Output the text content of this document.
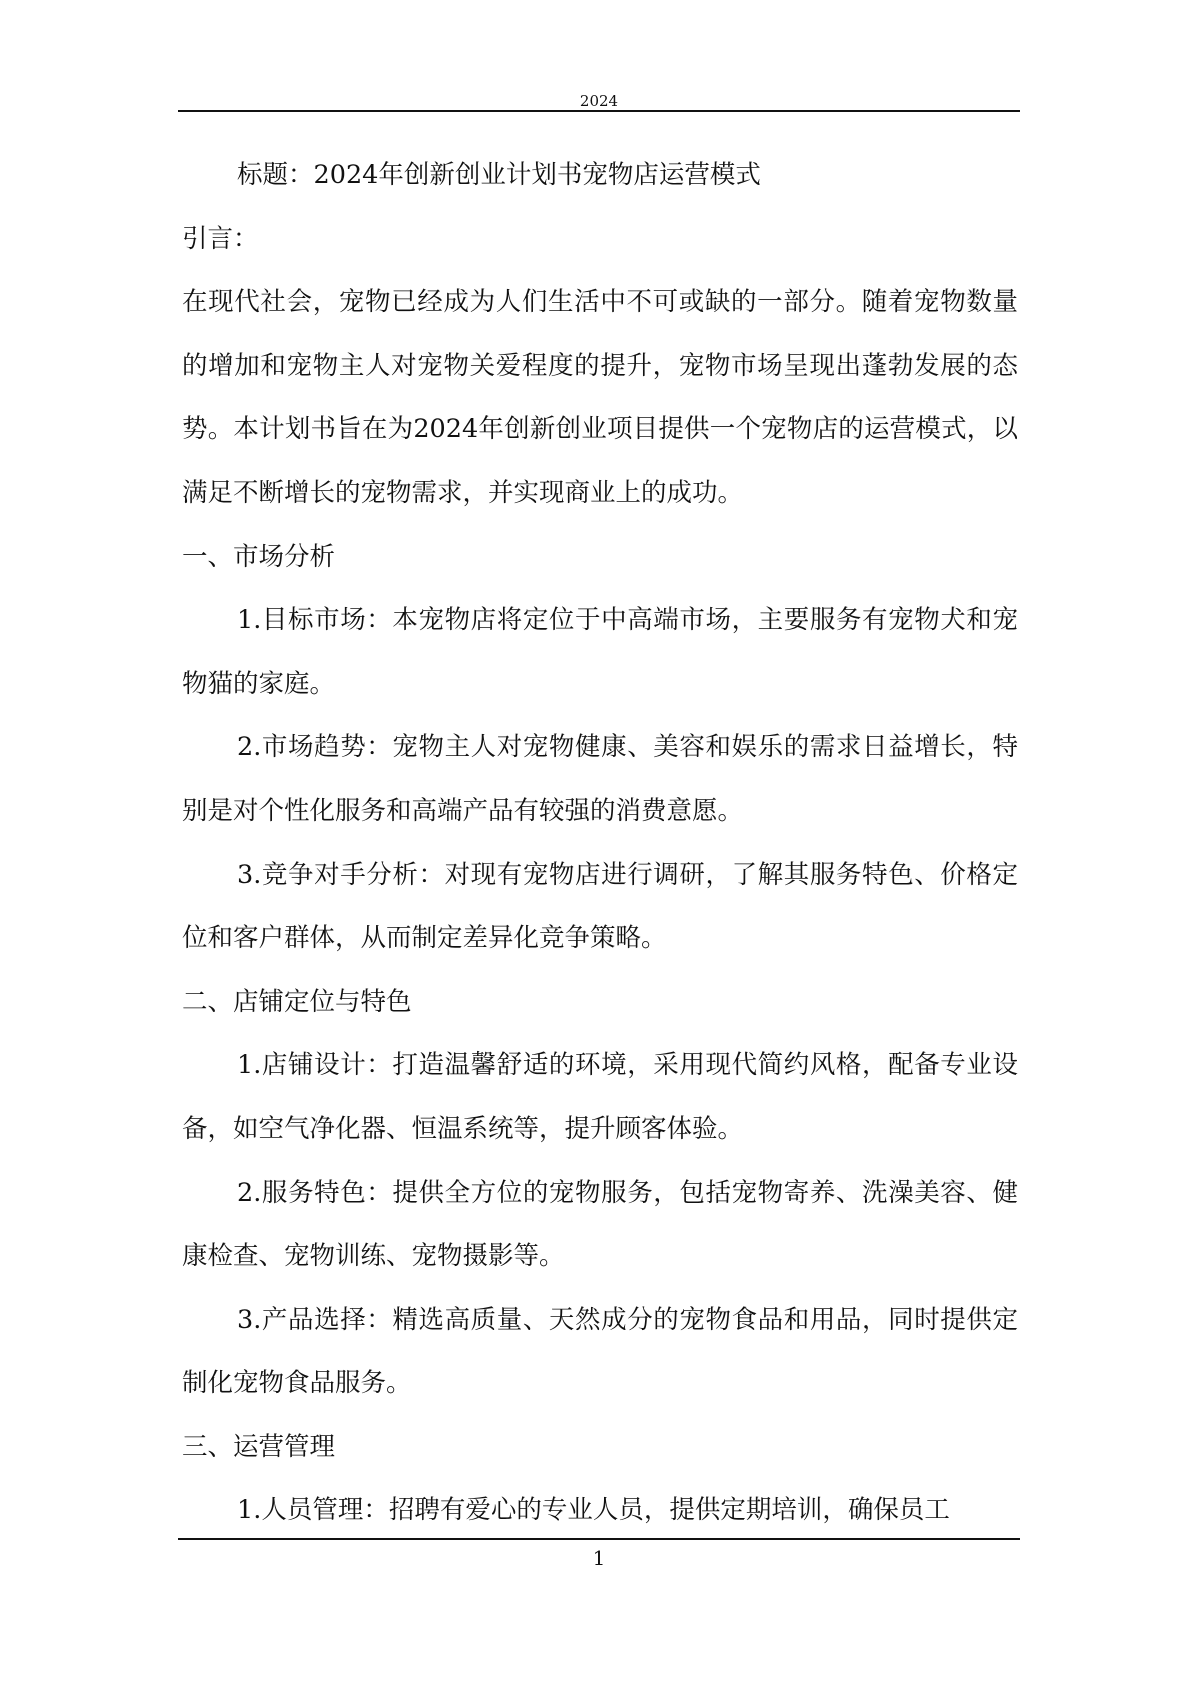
2024

标题：2024年创新创业计划书宠物店运营模式

引言：

在现代社会，宠物已经成为人们生活中不可或缺的一部分。随着宠物数量的增加和宠物主人对宠物关爱程度的提升，宠物市场呈现出蓬勃发展的态势。本计划书旨在为2024年创新创业项目提供一个宠物店的运营模式，以满足不断增长的宠物需求，并实现商业上的成功。

一、市场分析

1.目标市场：本宠物店将定位于中高端市场，主要服务有宠物犬和宠物猫的家庭。

2.市场趋势：宠物主人对宠物健康、美容和娱乐的需求日益增长，特别是对个性化服务和高端产品有较强的消费意愿。

3.竞争对手分析：对现有宠物店进行调研，了解其服务特色、价格定位和客户群体，从而制定差异化竞争策略。

二、店铺定位与特色

1.店铺设计：打造温馨舒适的环境，采用现代简约风格，配备专业设备，如空气净化器、恒温系统等，提升顾客体验。

2.服务特色：提供全方位的宠物服务，包括宠物寄养、洗澡美容、健康检查、宠物训练、宠物摄影等。

3.产品选择：精选高质量、天然成分的宠物食品和用品，同时提供定制化宠物食品服务。

三、运营管理

1.人员管理：招聘有爱心的专业人员，提供定期培训，确保员工

1
